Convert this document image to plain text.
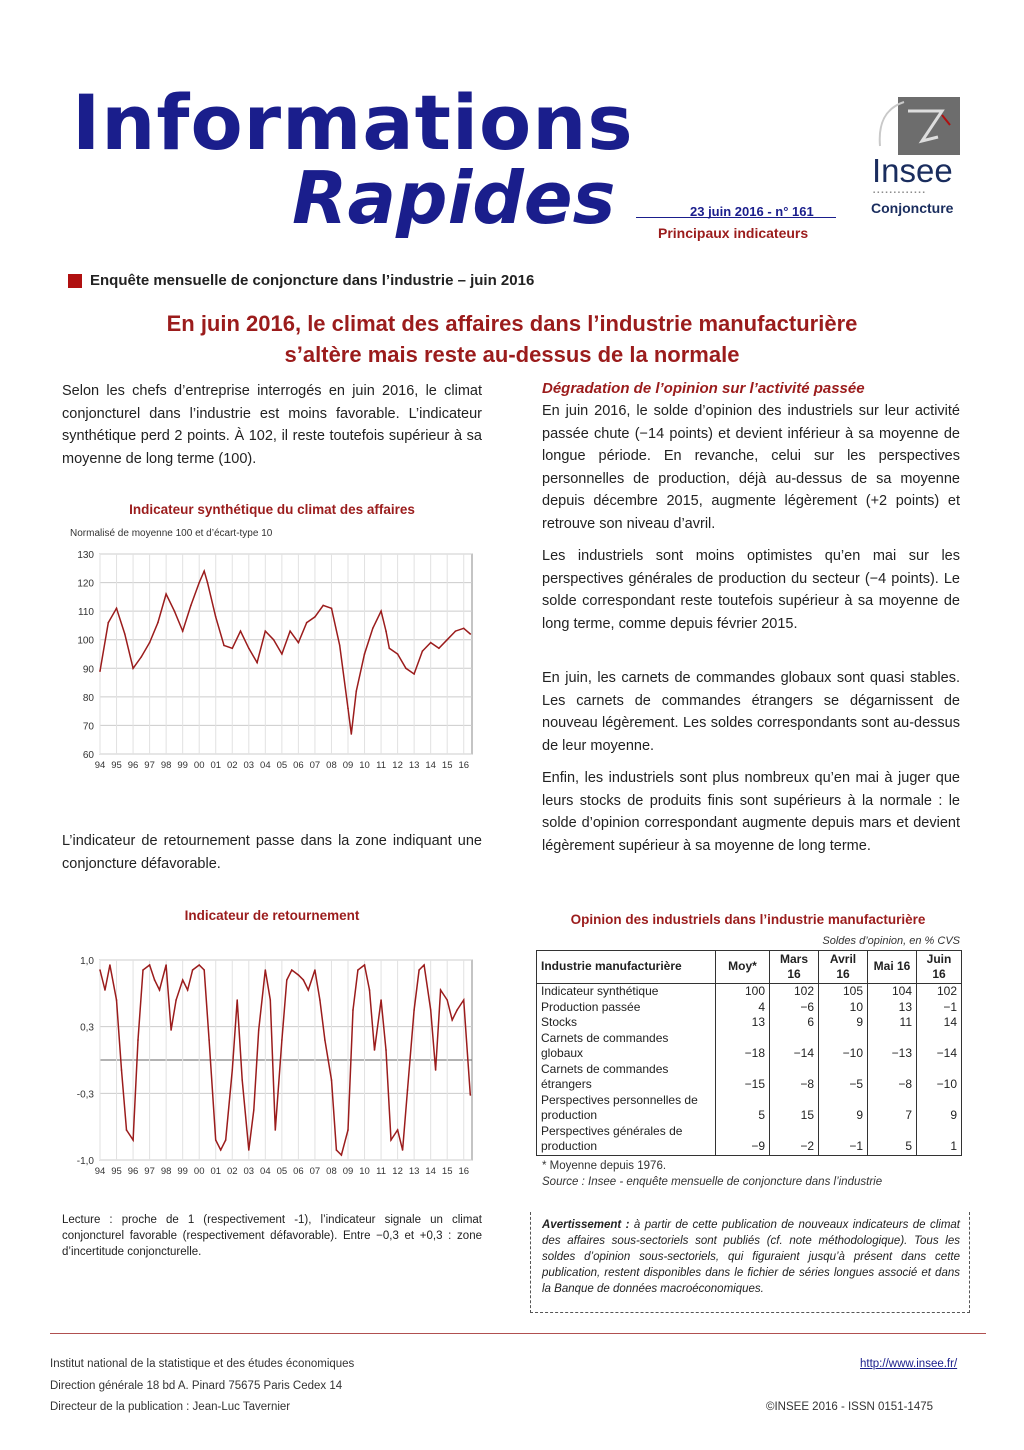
Informations
Rapides	23 juin 2016 - n° 161
Principaux indicateurs
Insee
▪▪▪▪▪▪▪▪▪▪▪▪▪
Conjoncture
Enquête mensuelle de conjoncture dans l’industrie – juin 2016
En juin 2016, le climat des affaires dans l’industrie manufacturière
s’altère mais reste au-dessus de la normale
Selon les chefs d’entreprise interrogés en juin 2016, le climat conjoncturel dans l’industrie est moins favorable. L’indicateur synthétique perd 2 points. À 102, il reste toutefois supérieur à sa moyenne de long terme (100).
Indicateur synthétique du climat des affaires
Normalisé de moyenne 100 et d’écart-type 10
130
120
110
100
90
80
70
60
94 95 96 97 98 99 00 01 02 03 04 05 06 07 08 09 10 11 12 13 14 15 16
L’indicateur de retournement passe dans la zone indiquant une conjoncture défavorable.
Indicateur de retournement
1,0
0,3
-0,3
-1,0
94 95 96 97 98 99 00 01 02 03 04 05 06 07 08 09 10 11 12 13 14 15 16
Lecture : proche de 1 (respectivement -1), l’indicateur signale un climat conjoncturel favorable (respectivement défavorable). Entre −0,3 et +0,3 : zone d’incertitude conjoncturelle.
Dégradation de l’opinion sur l’activité passée
En juin 2016, le solde d’opinion des industriels sur leur activité passée chute (−14 points) et devient inférieur à sa moyenne de longue période. En revanche, celui sur les perspectives personnelles de production, déjà au-dessus de sa moyenne depuis décembre 2015, augmente légèrement (+2 points) et retrouve son niveau d’avril.
Les industriels sont moins optimistes qu’en mai sur les perspectives générales de production du secteur (−4 points). Le solde correspondant reste toutefois supérieur à sa moyenne de long terme, comme depuis février 2015.
En juin, les carnets de commandes globaux sont quasi stables. Les carnets de commandes étrangers se dégarnissent de nouveau légèrement. Les soldes correspondants sont au-dessus de leur moyenne.
Enfin, les industriels sont plus nombreux qu’en mai à juger que leurs stocks de produits finis sont supérieurs à la normale : le solde d’opinion correspondant augmente depuis mars et devient légèrement supérieur à sa moyenne de long terme.
Opinion des industriels dans l’industrie manufacturière
Soldes d’opinion, en % CVS
Industrie manufacturière	Moy*	Mars 16	Avril 16	Mai 16	Juin 16
Indicateur synthétique	100	102	105	104	102
Production passée	4	−6	10	13	−1
Stocks	13	6	9	11	14
Carnets de commandes globaux	−18	−14	−10	−13	−14
Carnets de commandes étrangers	−15	−8	−5	−8	−10
Perspectives personnelles de production	5	15	9	7	9
Perspectives générales de production	−9	−2	−1	5	1
* Moyenne depuis 1976.
Source : Insee - enquête mensuelle de conjoncture dans l’industrie
Avertissement : à partir de cette publication de nouveaux indicateurs de climat des affaires sous-sectoriels sont publiés (cf. note méthodologique). Tous les soldes d’opinion sous-sectoriels, qui figuraient jusqu’à présent dans cette publication, restent disponibles dans le fichier de séries longues associé et dans la Banque de données macroéconomiques.
Institut national de la statistique et des études économiques
Direction générale 18 bd A. Pinard 75675 Paris Cedex 14
Directeur de la publication : Jean-Luc Tavernier
http://www.insee.fr/
©INSEE 2016 - ISSN 0151-1475
